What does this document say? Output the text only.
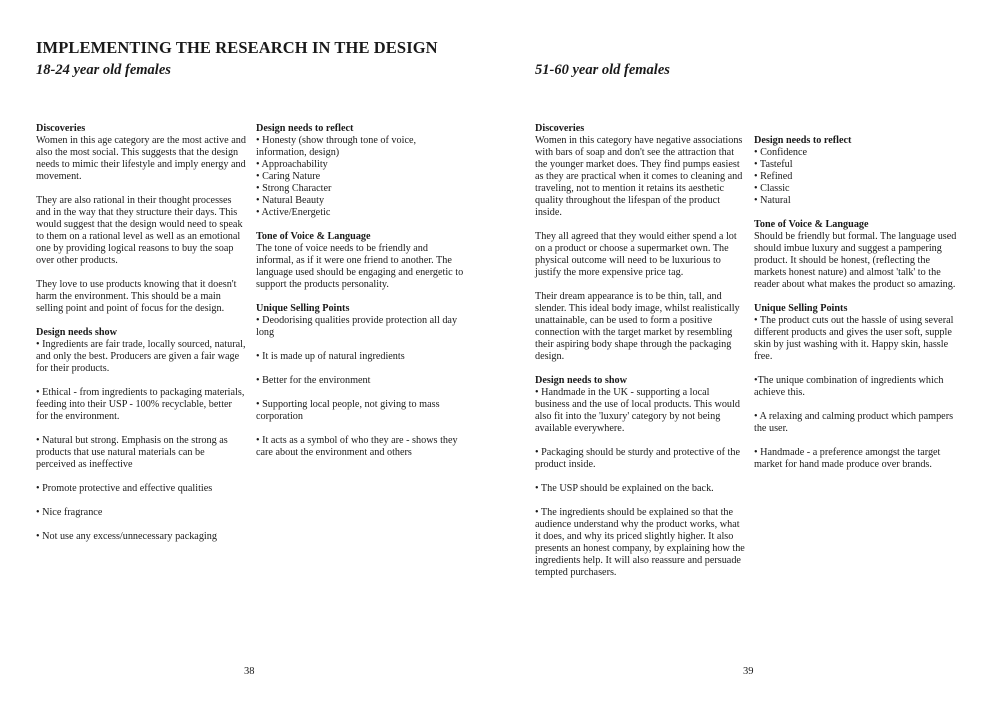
IMPLEMENTING THE RESEARCH IN THE DESIGN
18-24 year old females	51-60 year old females
Discoveries

Women in this age category are the most active and also the most social. This suggests that the design needs to mimic their lifestyle and imply energy and movement.

They are also rational in their thought processes and in the way that they structure their days. This would suggest that the design would need to speak to them on a rational level as well as an emotional one by providing logical reasons to buy the soap over other products.

They love to use products knowing that it doesn't harm the environment. This should be a main selling point and point of focus for the design.

Design needs show
• Ingredients are fair trade, locally sourced, natural, and only the best. Producers are given a fair wage for their products.
• Ethical - from ingredients to packaging materials, feeding into their USP - 100% recyclable, better for the environment.
• Natural but strong. Emphasis on the strong as products that use natural materials can be perceived as ineffective
• Promote protective and effective qualities
• Nice fragrance
• Not use any excess/unnecessary packaging
Design needs to reflect
• Honesty (show through tone of voice, information, design)
• Approachability
• Caring Nature
• Strong Character
• Natural Beauty
• Active/Energetic
Tone of Voice & Language

The tone of voice needs to be friendly and informal, as if it were one friend to another. The language used should be engaging and energetic to support the products personality.

Unique Selling Points
• Deodorising qualities provide protection all day long
• It is made up of natural ingredients
• Better for the environment
• Supporting local people, not giving to mass corporation
• It acts as a symbol of who they are - shows they care about the environment and others
Discoveries

Women in this category have negative associations with bars of soap and don't see the attraction that the younger market does. They find pumps easiest as they are practical when it comes to cleaning and traveling, not to mention it retains its aesthetic quality throughout the lifespan of the product inside.

They all agreed that they would either spend a lot on a product or choose a supermarket own. The physical outcome will need to be luxurious to justify the more expensive price tag.

Their dream appearance is to be thin, tall, and slender. This ideal body image, whilst realistically unattainable, can be used to form a positive connection with the target market by resembling their aspiring body shape through the packaging design.

Design needs to show
• Handmade in the UK - supporting a local business and the use of local products. This would also fit into the 'luxury' category by not being available everywhere.
• Packaging should be sturdy and protective of the product inside.
• The USP should be explained on the back.
• The ingredients should be explained so that the audience understand why the product works, what it does, and why its priced slightly higher. It also presents an honest company, by explaining how the ingredients help. It will also reassure and persuade tempted purchasers.
Design needs to reflect
• Confidence
• Tasteful
• Refined
• Classic
• Natural
Tone of Voice & Language

Should be friendly but formal. The language used should imbue luxury and suggest a pampering product. It should be honest, (reflecting the markets honest nature) and almost 'talk' to the reader about what makes the product so amazing.

Unique Selling Points
• The product cuts out the hassle of using several different products and gives the user soft, supple skin by just washing with it. Happy skin, hassle free.
•The unique combination of ingredients which achieve this.
• A relaxing and calming product which pampers the user.
• Handmade - a preference amongst the target market for hand made produce over brands.
38	39
